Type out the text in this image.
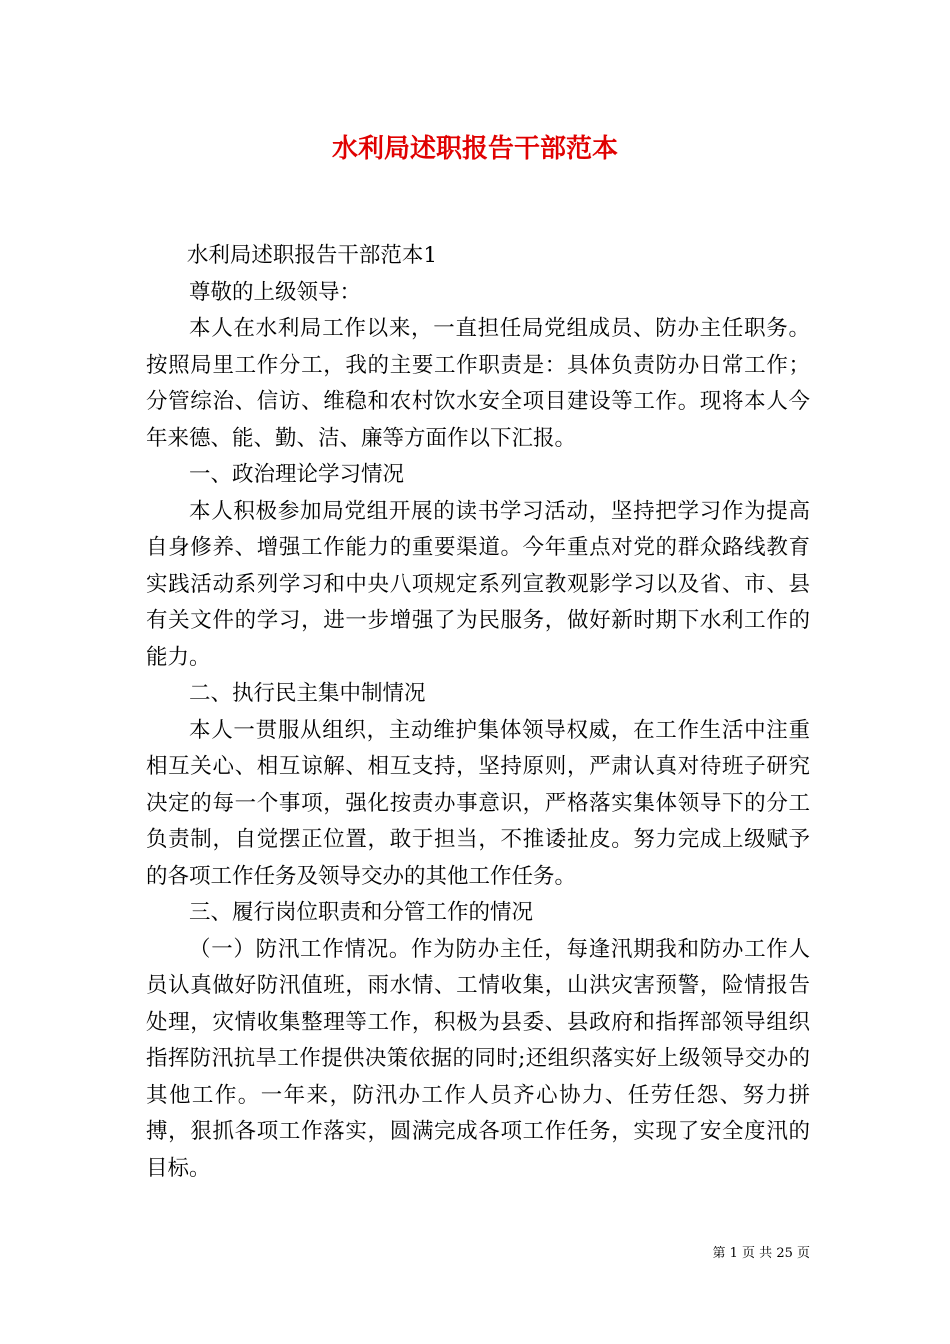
水利局述职报告干部范本

水利局述职报告干部范本1

尊敬的上级领导：

本人在水利局工作以来，一直担任局党组成员、防办主任职务。按照局里工作分工，我的主要工作职责是：具体负责防办日常工作；分管综治、信访、维稳和农村饮水安全项目建设等工作。现将本人今年来德、能、勤、洁、廉等方面作以下汇报。

一、政治理论学习情况

本人积极参加局党组开展的读书学习活动，坚持把学习作为提高自身修养、增强工作能力的重要渠道。今年重点对党的群众路线教育实践活动系列学习和中央八项规定系列宣教观影学习以及省、市、县有关文件的学习，进一步增强了为民服务，做好新时期下水利工作的能力。

二、执行民主集中制情况

本人一贯服从组织，主动维护集体领导权威，在工作生活中注重相互关心、相互谅解、相互支持，坚持原则，严肃认真对待班子研究决定的每一个事项，强化按责办事意识，严格落实集体领导下的分工负责制，自觉摆正位置，敢于担当，不推诿扯皮。努力完成上级赋予的各项工作任务及领导交办的其他工作任务。

三、履行岗位职责和分管工作的情况

（一）防汛工作情况。作为防办主任，每逢汛期我和防办工作人员认真做好防汛值班，雨水情、工情收集，山洪灾害预警，险情报告处理，灾情收集整理等工作，积极为县委、县政府和指挥部领导组织指挥防汛抗旱工作提供决策依据的同时;还组织落实好上级领导交办的其他工作。一年来，防汛办工作人员齐心协力、任劳任怨、努力拼搏，狠抓各项工作落实，圆满完成各项工作任务，实现了安全度汛的目标。

第 1 页 共 25 页
